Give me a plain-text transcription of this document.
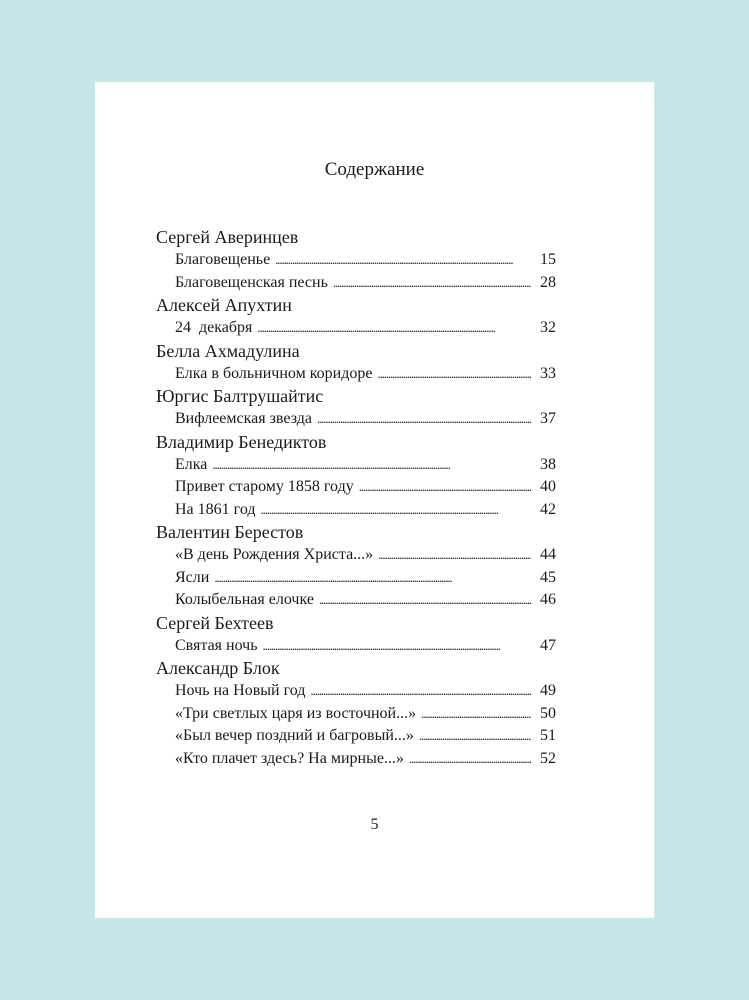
Содержание
Сергей Аверинцев
Благовещенье . . .	15
Благовещенская песнь . . .	28
Алексей Апухтин
24  декабря . . .	32
Белла Ахмадулина
Елка в больничном коридоре . . .	33
Юргис Балтрушайтис
Вифлеемская звезда . . .	37
Владимир Бенедиктов
Елка . . .	38
Привет старому 1858 году . . .	40
На 1861 год . . .	42
Валентин Берестов
«В день Рождения Христа...» . . .	44
Ясли . . .	45
Колыбельная елочке . . .	46
Сергей Бехтеев
Святая ночь . . .	47
Александр Блок
Ночь на Новый год . . .	49
«Три светлых царя из восточной...» . . .	50
«Был вечер поздний и багровый...» . . .	51
«Кто плачет здесь? На мирные...» . . .	52
5
